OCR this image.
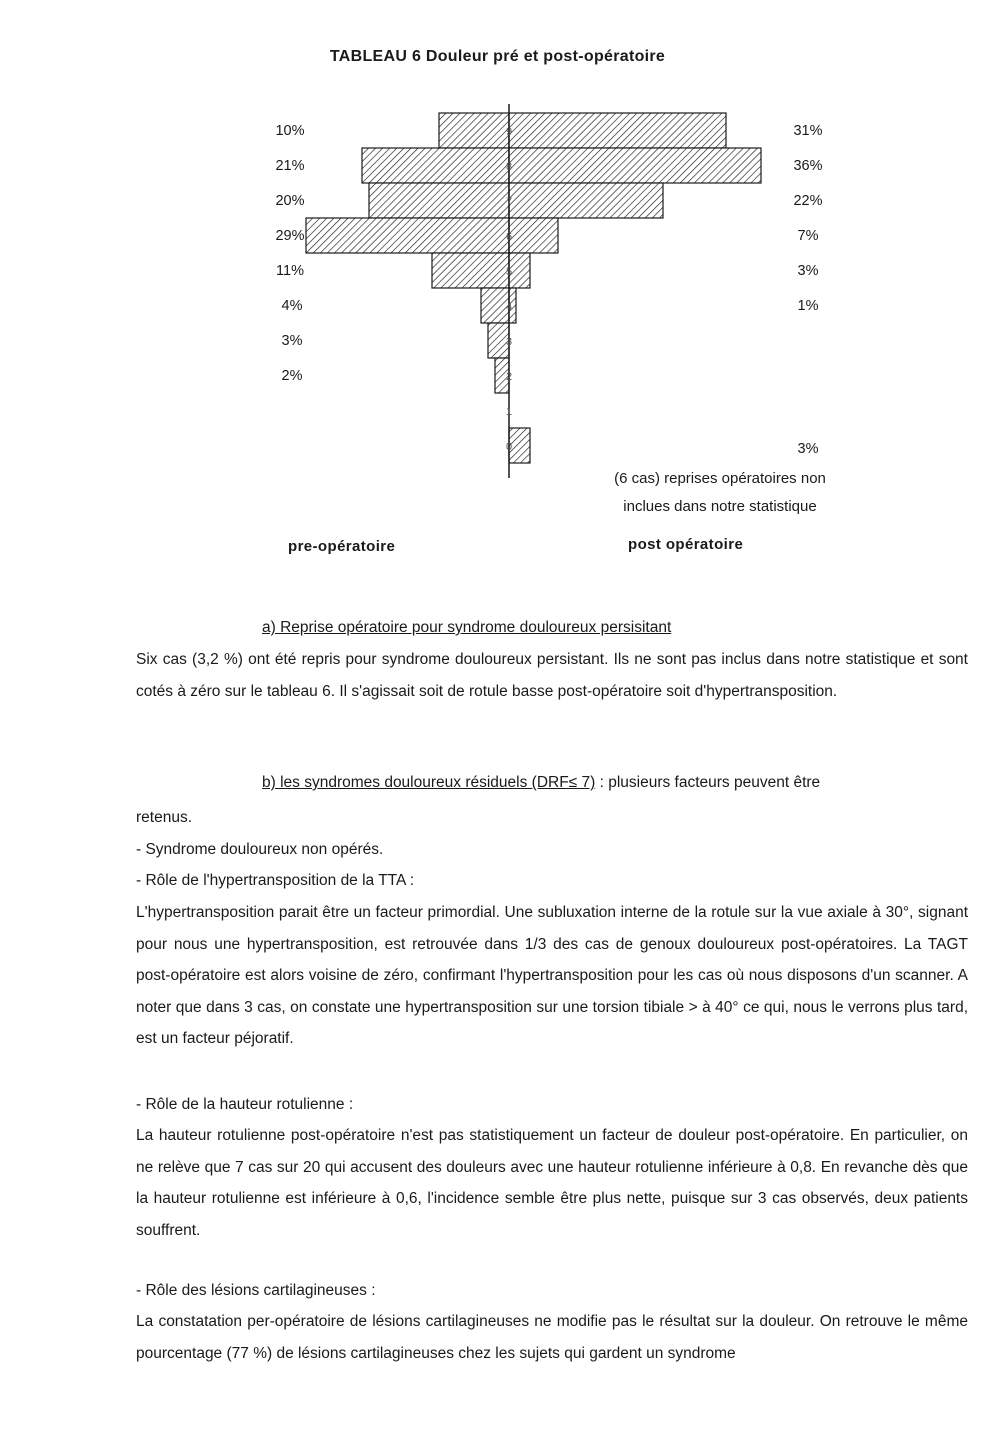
TABLEAU 6 Douleur pré et post-opératoire
10%	31%
21%	36%
20%	22%
29%	7%
11%	3%
4%	1%
3%
2%
3%
9
8
7
6
5
4
3
2
1
0
(6 cas) reprises opératoires non
inclues dans notre statistique
pre-opératoire	post opératoire
a) Reprise opératoire pour syndrome douloureux persisitant

Six cas (3,2 %) ont été repris pour syndrome douloureux persistant. Ils ne sont pas inclus dans notre statistique et sont cotés à zéro sur le tableau 6. Il s'agissait soit de rotule basse post-opératoire soit d'hypertransposition.

b) les syndromes douloureux résiduels (DRF≤ 7) : plusieurs facteurs peuvent être
retenus.
- Syndrome douloureux non opérés.
- Rôle de l'hypertransposition de la TTA :

L'hypertransposition parait être un facteur primordial. Une subluxation interne de la rotule sur la vue axiale à 30°, signant pour nous une hypertransposition, est retrouvée dans 1/3 des cas de genoux douloureux post-opératoires. La TAGT post-opératoire est alors voisine de zéro, confirmant l'hypertransposition pour les cas où nous disposons d'un scanner. A noter que dans 3 cas, on constate une hypertransposition sur une torsion tibiale > à 40° ce qui, nous le verrons plus tard, est un facteur péjoratif.

- Rôle de la hauteur rotulienne :

La hauteur rotulienne post-opératoire n'est pas statistiquement un facteur de douleur post-opératoire. En particulier, on ne relève que 7 cas sur 20 qui accusent des douleurs avec une hauteur rotulienne inférieure à 0,8. En revanche dès que la hauteur rotulienne est inférieure à 0,6, l'incidence semble être plus nette, puisque sur 3 cas observés, deux patients souffrent.

- Rôle des lésions cartilagineuses :

La constatation per-opératoire de lésions cartilagineuses ne modifie pas le résultat sur la douleur. On retrouve le même pourcentage (77 %) de lésions cartilagineuses chez les sujets qui gardent un syndrome
